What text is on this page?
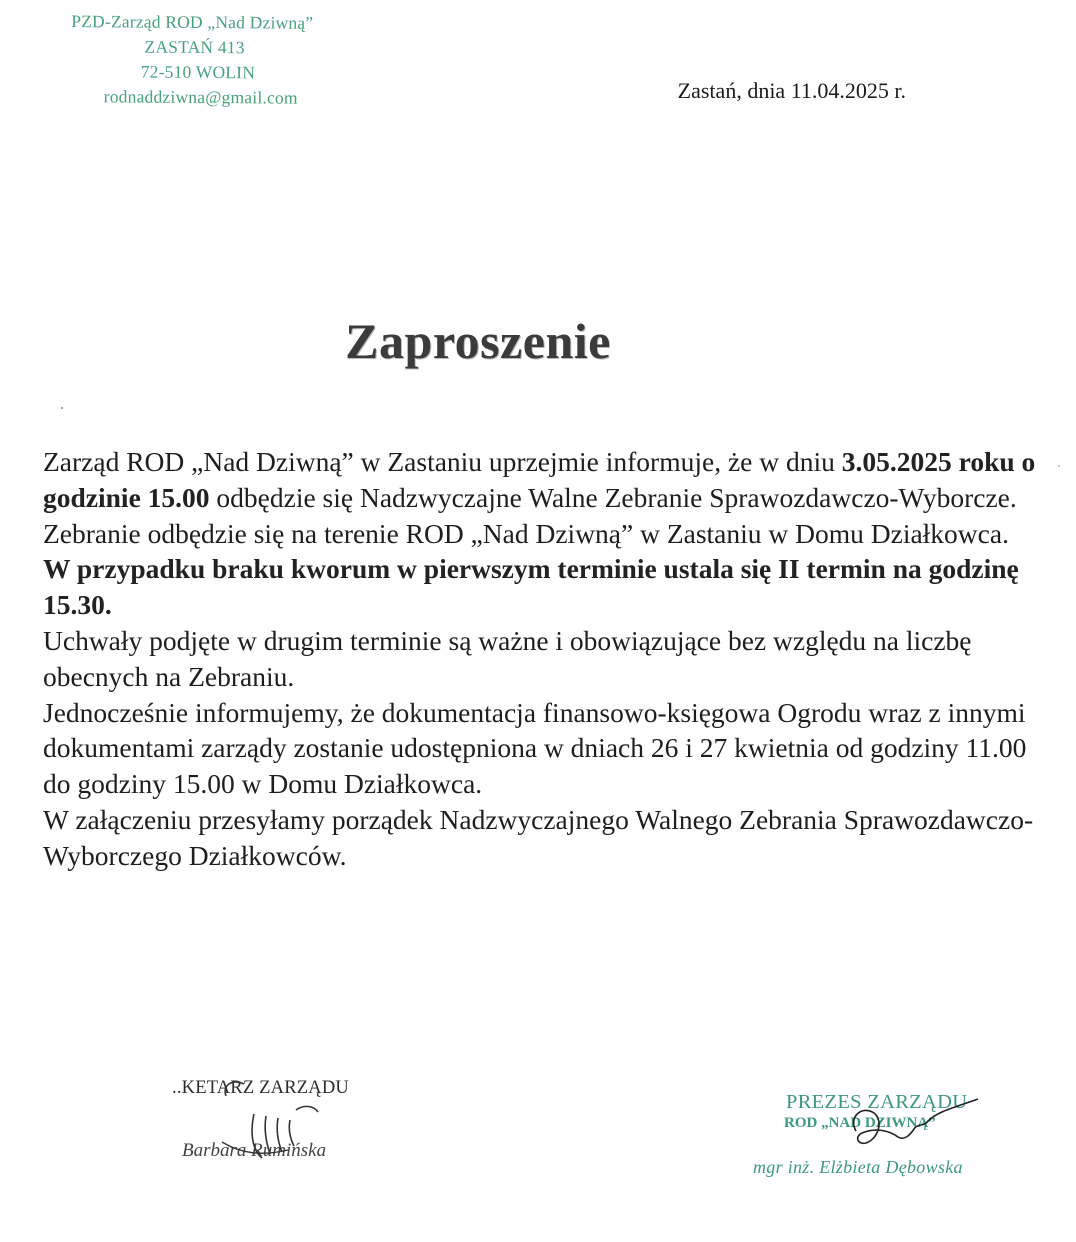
PZD-Zarząd ROD „Nad Dziwną”
ZASTAŃ 413
72-510 WOLIN
rodnaddziwna@gmail.com	Zastań, dnia 11.04.2025 r.
Zaproszenie

Zarząd ROD „Nad Dziwną” w Zastaniu uprzejmie informuje, że w dniu 3.05.2025 roku o godzinie 15.00 odbędzie się Nadzwyczajne Walne Zebranie Sprawozdawczo-Wyborcze.

Zebranie odbędzie się na terenie ROD „Nad Dziwną” w Zastaniu w Domu Działkowca.

W przypadku braku kworum w pierwszym terminie ustala się II termin na godzinę 15.30.

Uchwały podjęte w drugim terminie są ważne i obowiązujące bez względu na liczbę obecnych na Zebraniu.

Jednocześnie informujemy, że dokumentacja finansowo-księgowa Ogrodu wraz z innymi dokumentami zarządy zostanie udostępniona w dniach 26 i 27 kwietnia od godziny 11.00 do godziny 15.00 w Domu Działkowca.

W załączeniu przesyłamy porządek Nadzwyczajnego Walnego Zebrania Sprawozdawczo-Wyborczego Działkowców.

..KETARZ ZARZĄDU
Barbara Rumińska
PREZES ZARZĄDU
ROD „NAD DZIWNĄ”
mgr inż. Elżbieta Dębowska
